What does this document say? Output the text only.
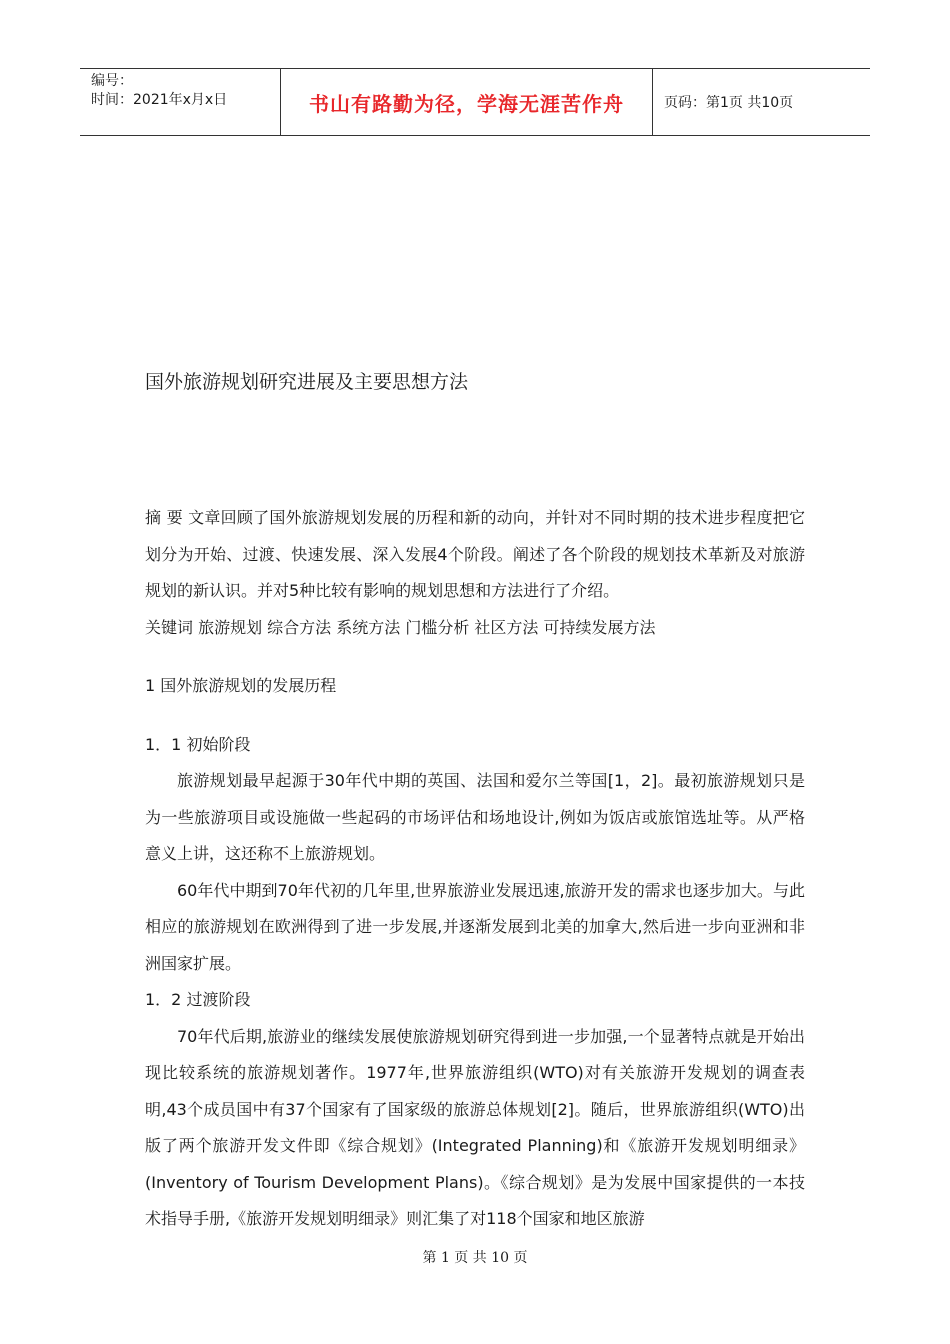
编号：
时间：2021年x月x日	书山有路勤为径，学海无涯苦作舟	页码：第1页 共10页
国外旅游规划研究进展及主要思想方法

摘 要 文章回顾了国外旅游规划发展的历程和新的动向，并针对不同时期的技术进步程度把它划分为开始、过渡、快速发展、深入发展4个阶段。阐述了各个阶段的规划技术革新及对旅游规划的新认识。并对5种比较有影响的规划思想和方法进行了介绍。

关键词 旅游规划 综合方法 系统方法 门槛分析 社区方法 可持续发展方法

1 国外旅游规划的发展历程

1．1 初始阶段

旅游规划最早起源于30年代中期的英国、法国和爱尔兰等国[1，2]。最初旅游规划只是为一些旅游项目或设施做一些起码的市场评估和场地设计,例如为饭店或旅馆选址等。从严格意义上讲，这还称不上旅游规划。

60年代中期到70年代初的几年里,世界旅游业发展迅速,旅游开发的需求也逐步加大。与此相应的旅游规划在欧洲得到了进一步发展,并逐渐发展到北美的加拿大,然后进一步向亚洲和非洲国家扩展。

1．2 过渡阶段

70年代后期,旅游业的继续发展使旅游规划研究得到进一步加强,一个显著特点就是开始出现比较系统的旅游规划著作。1977年,世界旅游组织(WTO)对有关旅游开发规划的调查表明,43个成员国中有37个国家有了国家级的旅游总体规划[2]。随后，世界旅游组织(WTO)出版了两个旅游开发文件即《综合规划》(Integrated Planning)和《旅游开发规划明细录》(Inventory of Tourism Development Plans)。《综合规划》是为发展中国家提供的一本技术指导手册,《旅游开发规划明细录》则汇集了对118个国家和地区旅游

第 1 页 共 10 页
